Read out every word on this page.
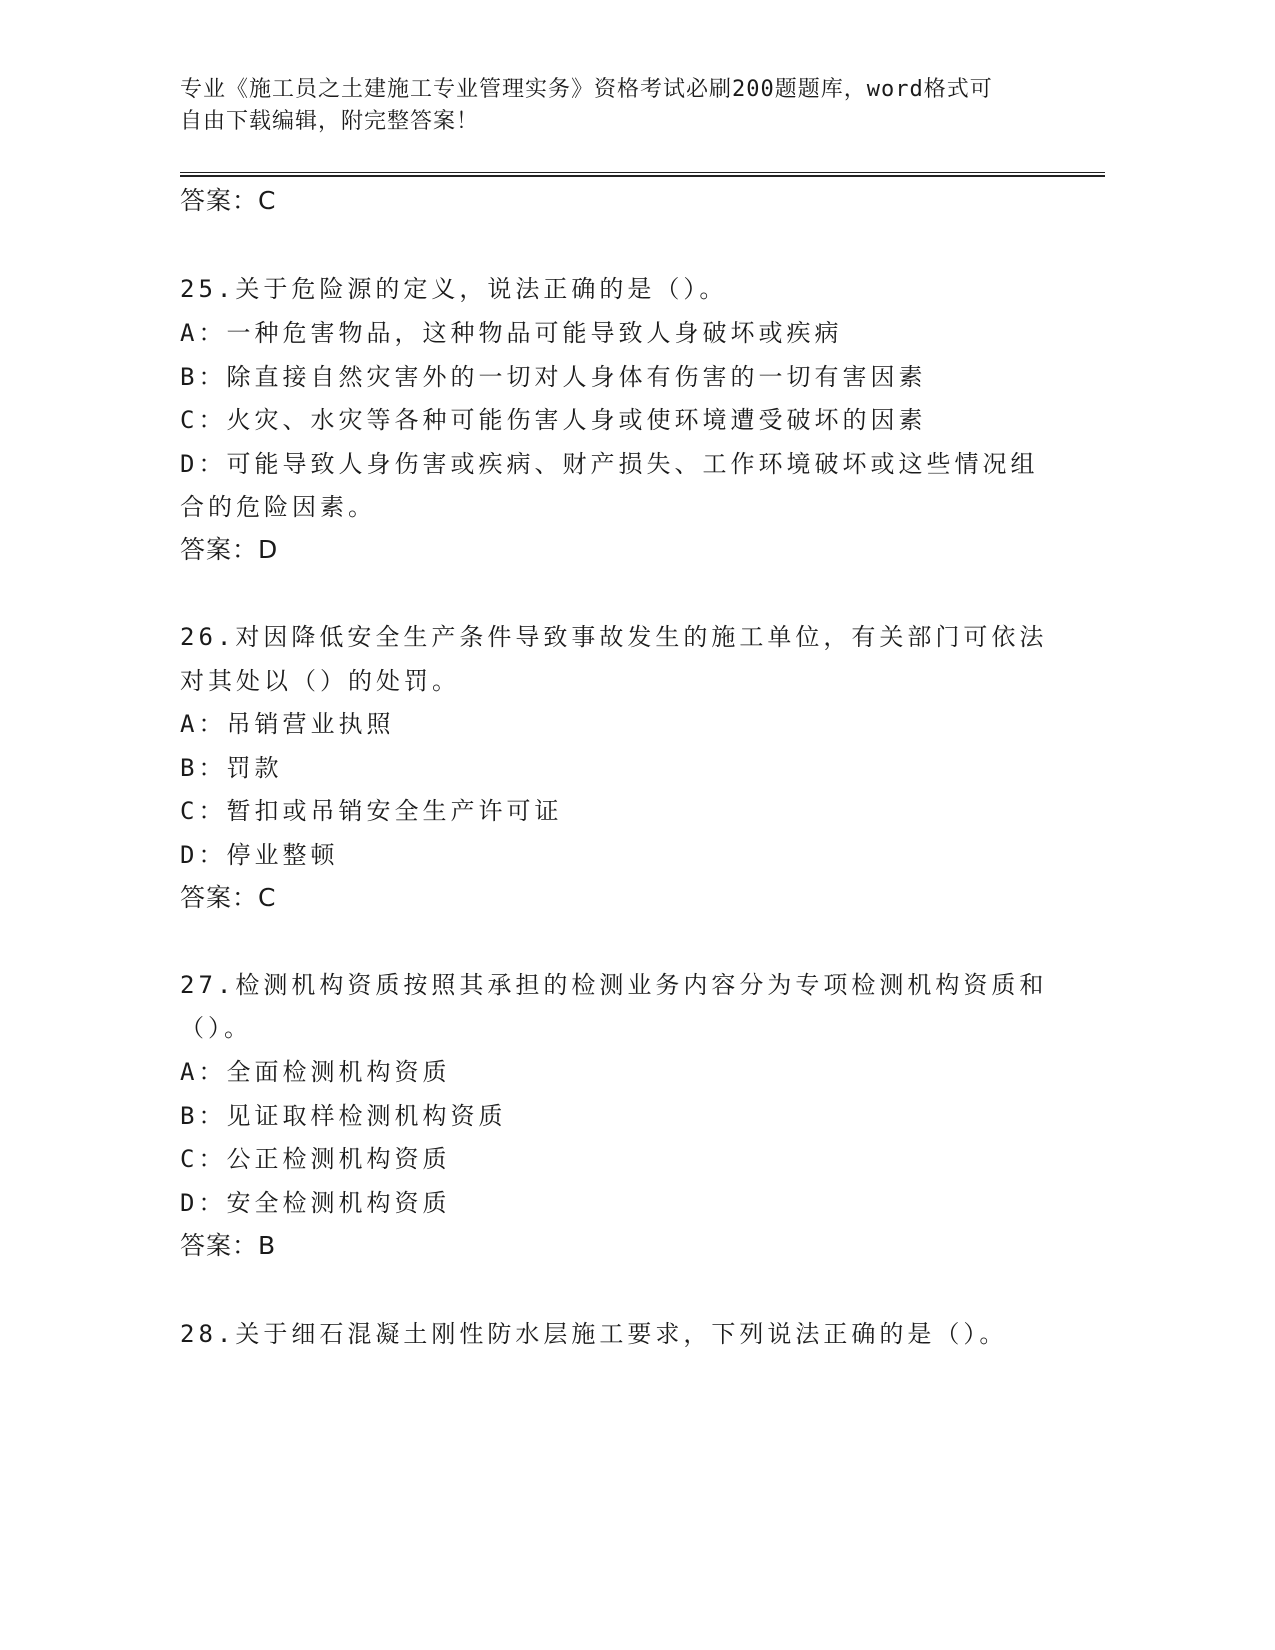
专业《施工员之土建施工专业管理实务》资格考试必刷200题题库，word格式可
自由下载编辑，附完整答案！
答案：C
25.关于危险源的定义，说法正确的是（）。
A：一种危害物品，这种物品可能导致人身破坏或疾病
B：除直接自然灾害外的一切对人身体有伤害的一切有害因素
C：火灾、水灾等各种可能伤害人身或使环境遭受破坏的因素
D：可能导致人身伤害或疾病、财产损失、工作环境破坏或这些情况组
合的危险因素。
答案：D
26.对因降低安全生产条件导致事故发生的施工单位，有关部门可依法
对其处以（）的处罚。
A：吊销营业执照
B：罚款
C：暂扣或吊销安全生产许可证
D：停业整顿
答案：C
27.检测机构资质按照其承担的检测业务内容分为专项检测机构资质和
（）。
A：全面检测机构资质
B：见证取样检测机构资质
C：公正检测机构资质
D：安全检测机构资质
答案：B
28.关于细石混凝土刚性防水层施工要求，下列说法正确的是（）。
